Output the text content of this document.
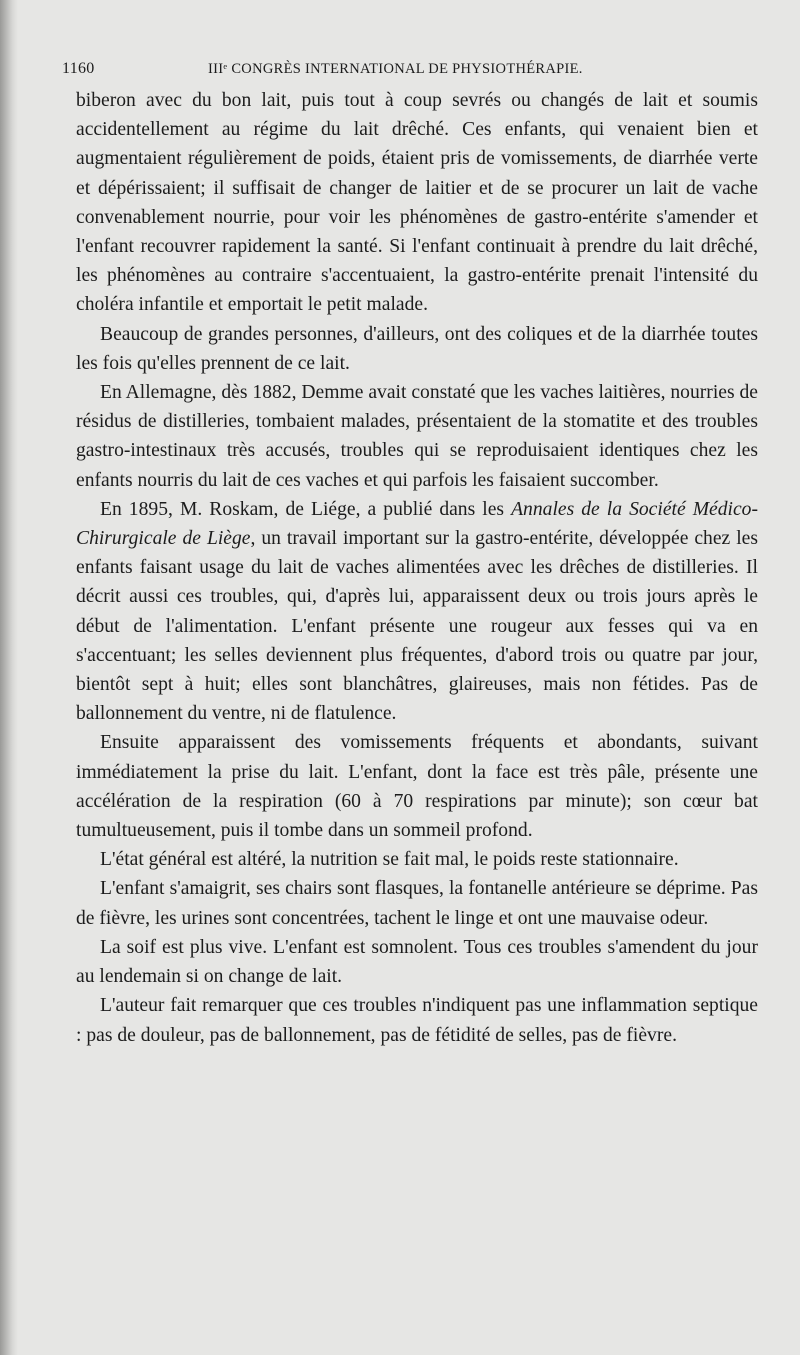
1160	IIIᵉ CONGRÈS INTERNATIONAL DE PHYSIOTHÉRAPIE.

biberon avec du bon lait, puis tout à coup sevrés ou changés de lait et soumis accidentellement au régime du lait drêché. Ces enfants, qui venaient bien et augmentaient régulièrement de poids, étaient pris de vomissements, de diarrhée verte et dépérissaient; il suffisait de changer de laitier et de se procurer un lait de vache convenablement nourrie, pour voir les phénomènes de gastro-entérite s'amender et l'enfant recouvrer rapidement la santé. Si l'enfant continuait à prendre du lait drêché, les phénomènes au contraire s'accentuaient, la gastro-entérite prenait l'intensité du choléra infantile et emportait le petit malade.

Beaucoup de grandes personnes, d'ailleurs, ont des coliques et de la diarrhée toutes les fois qu'elles prennent de ce lait.

En Allemagne, dès 1882, Demme avait constaté que les vaches laitières, nourries de résidus de distilleries, tombaient malades, présentaient de la stomatite et des troubles gastro-intestinaux très accusés, troubles qui se reproduisaient identiques chez les enfants nourris du lait de ces vaches et qui parfois les faisaient succomber.

En 1895, M. Roskam, de Liége, a publié dans les Annales de la Société Médico-Chirurgicale de Liège, un travail important sur la gastro-entérite, développée chez les enfants faisant usage du lait de vaches alimentées avec les drêches de distilleries. Il décrit aussi ces troubles, qui, d'après lui, apparaissent deux ou trois jours après le début de l'alimentation. L'enfant présente une rougeur aux fesses qui va en s'accentuant; les selles deviennent plus fréquentes, d'abord trois ou quatre par jour, bientôt sept à huit; elles sont blanchâtres, glaireuses, mais non fétides. Pas de ballonnement du ventre, ni de flatulence.

Ensuite apparaissent des vomissements fréquents et abondants, suivant immédiatement la prise du lait. L'enfant, dont la face est très pâle, présente une accélération de la respiration (60 à 70 respirations par minute); son cœur bat tumultueusement, puis il tombe dans un sommeil profond.

L'état général est altéré, la nutrition se fait mal, le poids reste stationnaire.

L'enfant s'amaigrit, ses chairs sont flasques, la fontanelle antérieure se déprime. Pas de fièvre, les urines sont concentrées, tachent le linge et ont une mauvaise odeur.

La soif est plus vive. L'enfant est somnolent. Tous ces troubles s'amendent du jour au lendemain si on change de lait.

L'auteur fait remarquer que ces troubles n'indiquent pas une inflammation septique : pas de douleur, pas de ballonnement, pas de fétidité de selles, pas de fièvre.
